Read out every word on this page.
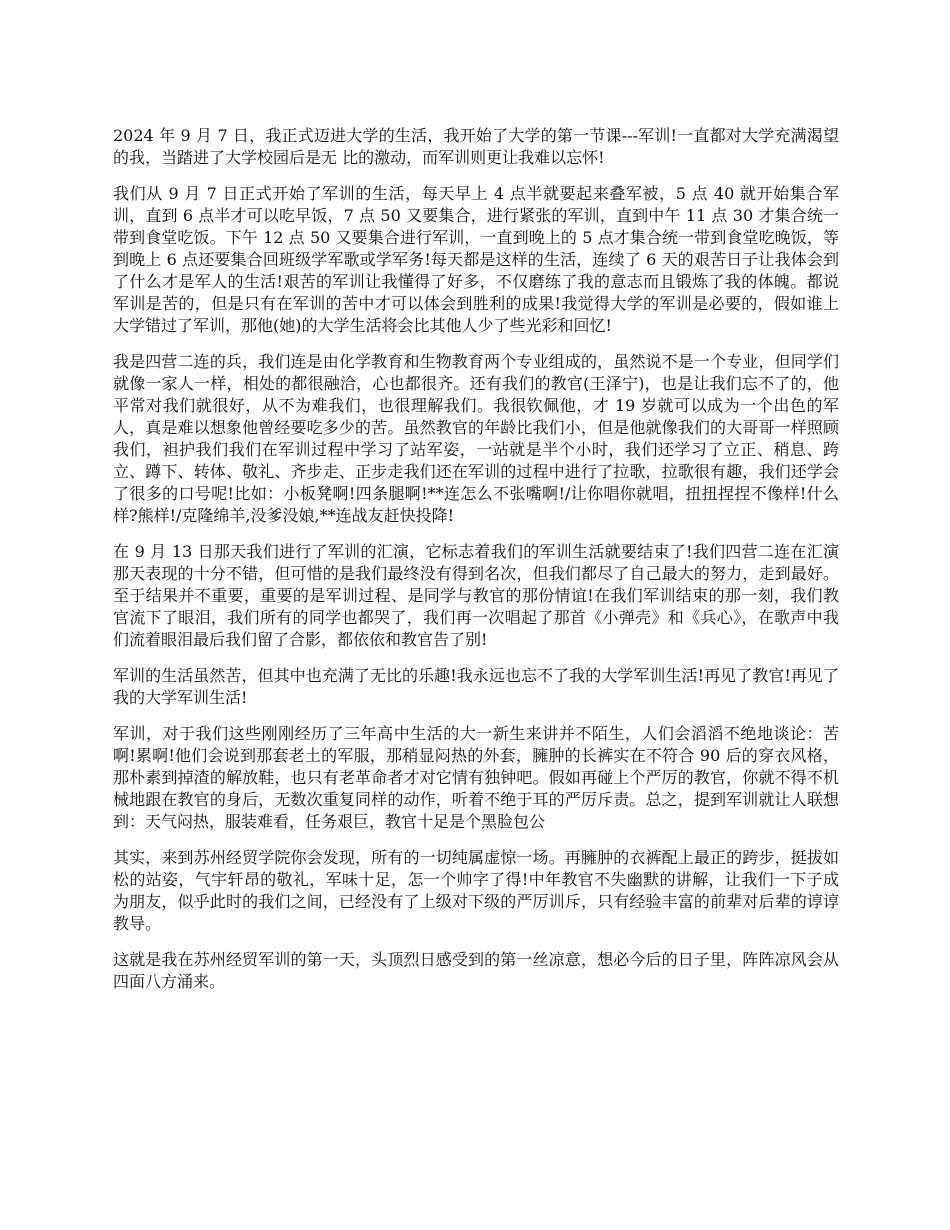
2024 年 9 月 7 日，我正式迈进大学的生活，我开始了大学的第一节课---军训!一直都对大学充满渴望的我，当踏进了大学校园后是无 比的激动，而军训则更让我难以忘怀!

我们从 9 月 7 日正式开始了军训的生活，每天早上 4 点半就要起来叠军被，5 点 40 就开始集合军训，直到 6 点半才可以吃早饭，7 点 50 又要集合，进行紧张的军训，直到中午 11 点 30 才集合统一带到食堂吃饭。下午 12 点 50 又要集合进行军训，一直到晚上的 5 点才集合统一带到食堂吃晚饭，等到晚上 6 点还要集合回班级学军歌或学军务!每天都是这样的生活，连续了 6 天的艰苦日子让我体会到了什么才是军人的生活!艰苦的军训让我懂得了好多，不仅磨练了我的意志而且锻炼了我的体魄。都说军训是苦的，但是只有在军训的苦中才可以体会到胜利的成果!我觉得大学的军训是必要的，假如谁上大学错过了军训，那他(她)的大学生活将会比其他人少了些光彩和回忆!

我是四营二连的兵，我们连是由化学教育和生物教育两个专业组成的，虽然说不是一个专业，但同学们就像一家人一样，相处的都很融洽，心也都很齐。还有我们的教官(王泽宁)，也是让我们忘不了的，他平常对我们就很好，从不为难我们，也很理解我们。我很钦佩他，才 19 岁就可以成为一个出色的军人，真是难以想象他曾经要吃多少的苦。虽然教官的年龄比我们小，但是他就像我们的大哥哥一样照顾我们，袒护我们我们在军训过程中学习了站军姿，一站就是半个小时，我们还学习了立正、稍息、跨立、蹲下、转体、敬礼、齐步走、正步走我们还在军训的过程中进行了拉歌，拉歌很有趣，我们还学会了很多的口号呢!比如：小板凳啊!四条腿啊!**连怎么不张嘴啊!/让你唱你就唱，扭扭捏捏不像样!什么样?熊样!/克隆绵羊,没爹没娘,**连战友赶快投降!

在 9 月 13 日那天我们进行了军训的汇演，它标志着我们的军训生活就要结束了!我们四营二连在汇演那天表现的十分不错，但可惜的是我们最终没有得到名次，但我们都尽了自己最大的努力，走到最好。至于结果并不重要，重要的是军训过程、是同学与教官的那份情谊!在我们军训结束的那一刻，我们教官流下了眼泪，我们所有的同学也都哭了，我们再一次唱起了那首《小弹壳》和《兵心》，在歌声中我们流着眼泪最后我们留了合影，都依依和教官告了别!

军训的生活虽然苦，但其中也充满了无比的乐趣!我永远也忘不了我的大学军训生活!再见了教官!再见了我的大学军训生活!

军训，对于我们这些刚刚经历了三年高中生活的大一新生来讲并不陌生，人们会滔滔不绝地谈论：苦啊!累啊!他们会说到那套老土的军服，那稍显闷热的外套，臃肿的长裤实在不符合 90 后的穿衣风格，那朴素到掉渣的解放鞋，也只有老革命者才对它情有独钟吧。假如再碰上个严厉的教官，你就不得不机械地跟在教官的身后，无数次重复同样的动作，听着不绝于耳的严厉斥责。总之，提到军训就让人联想到：天气闷热，服装难看，任务艰巨，教官十足是个黑脸包公

其实，来到苏州经贸学院你会发现，所有的一切纯属虚惊一场。再臃肿的衣裤配上最正的跨步，挺拔如松的站姿，气宇轩昂的敬礼，军味十足，怎一个帅字了得!中年教官不失幽默的讲解，让我们一下子成为朋友，似乎此时的我们之间，已经没有了上级对下级的严厉训斥，只有经验丰富的前辈对后辈的谆谆教导。

这就是我在苏州经贸军训的第一天，头顶烈日感受到的第一丝凉意，想必今后的日子里，阵阵凉风会从四面八方涌来。
